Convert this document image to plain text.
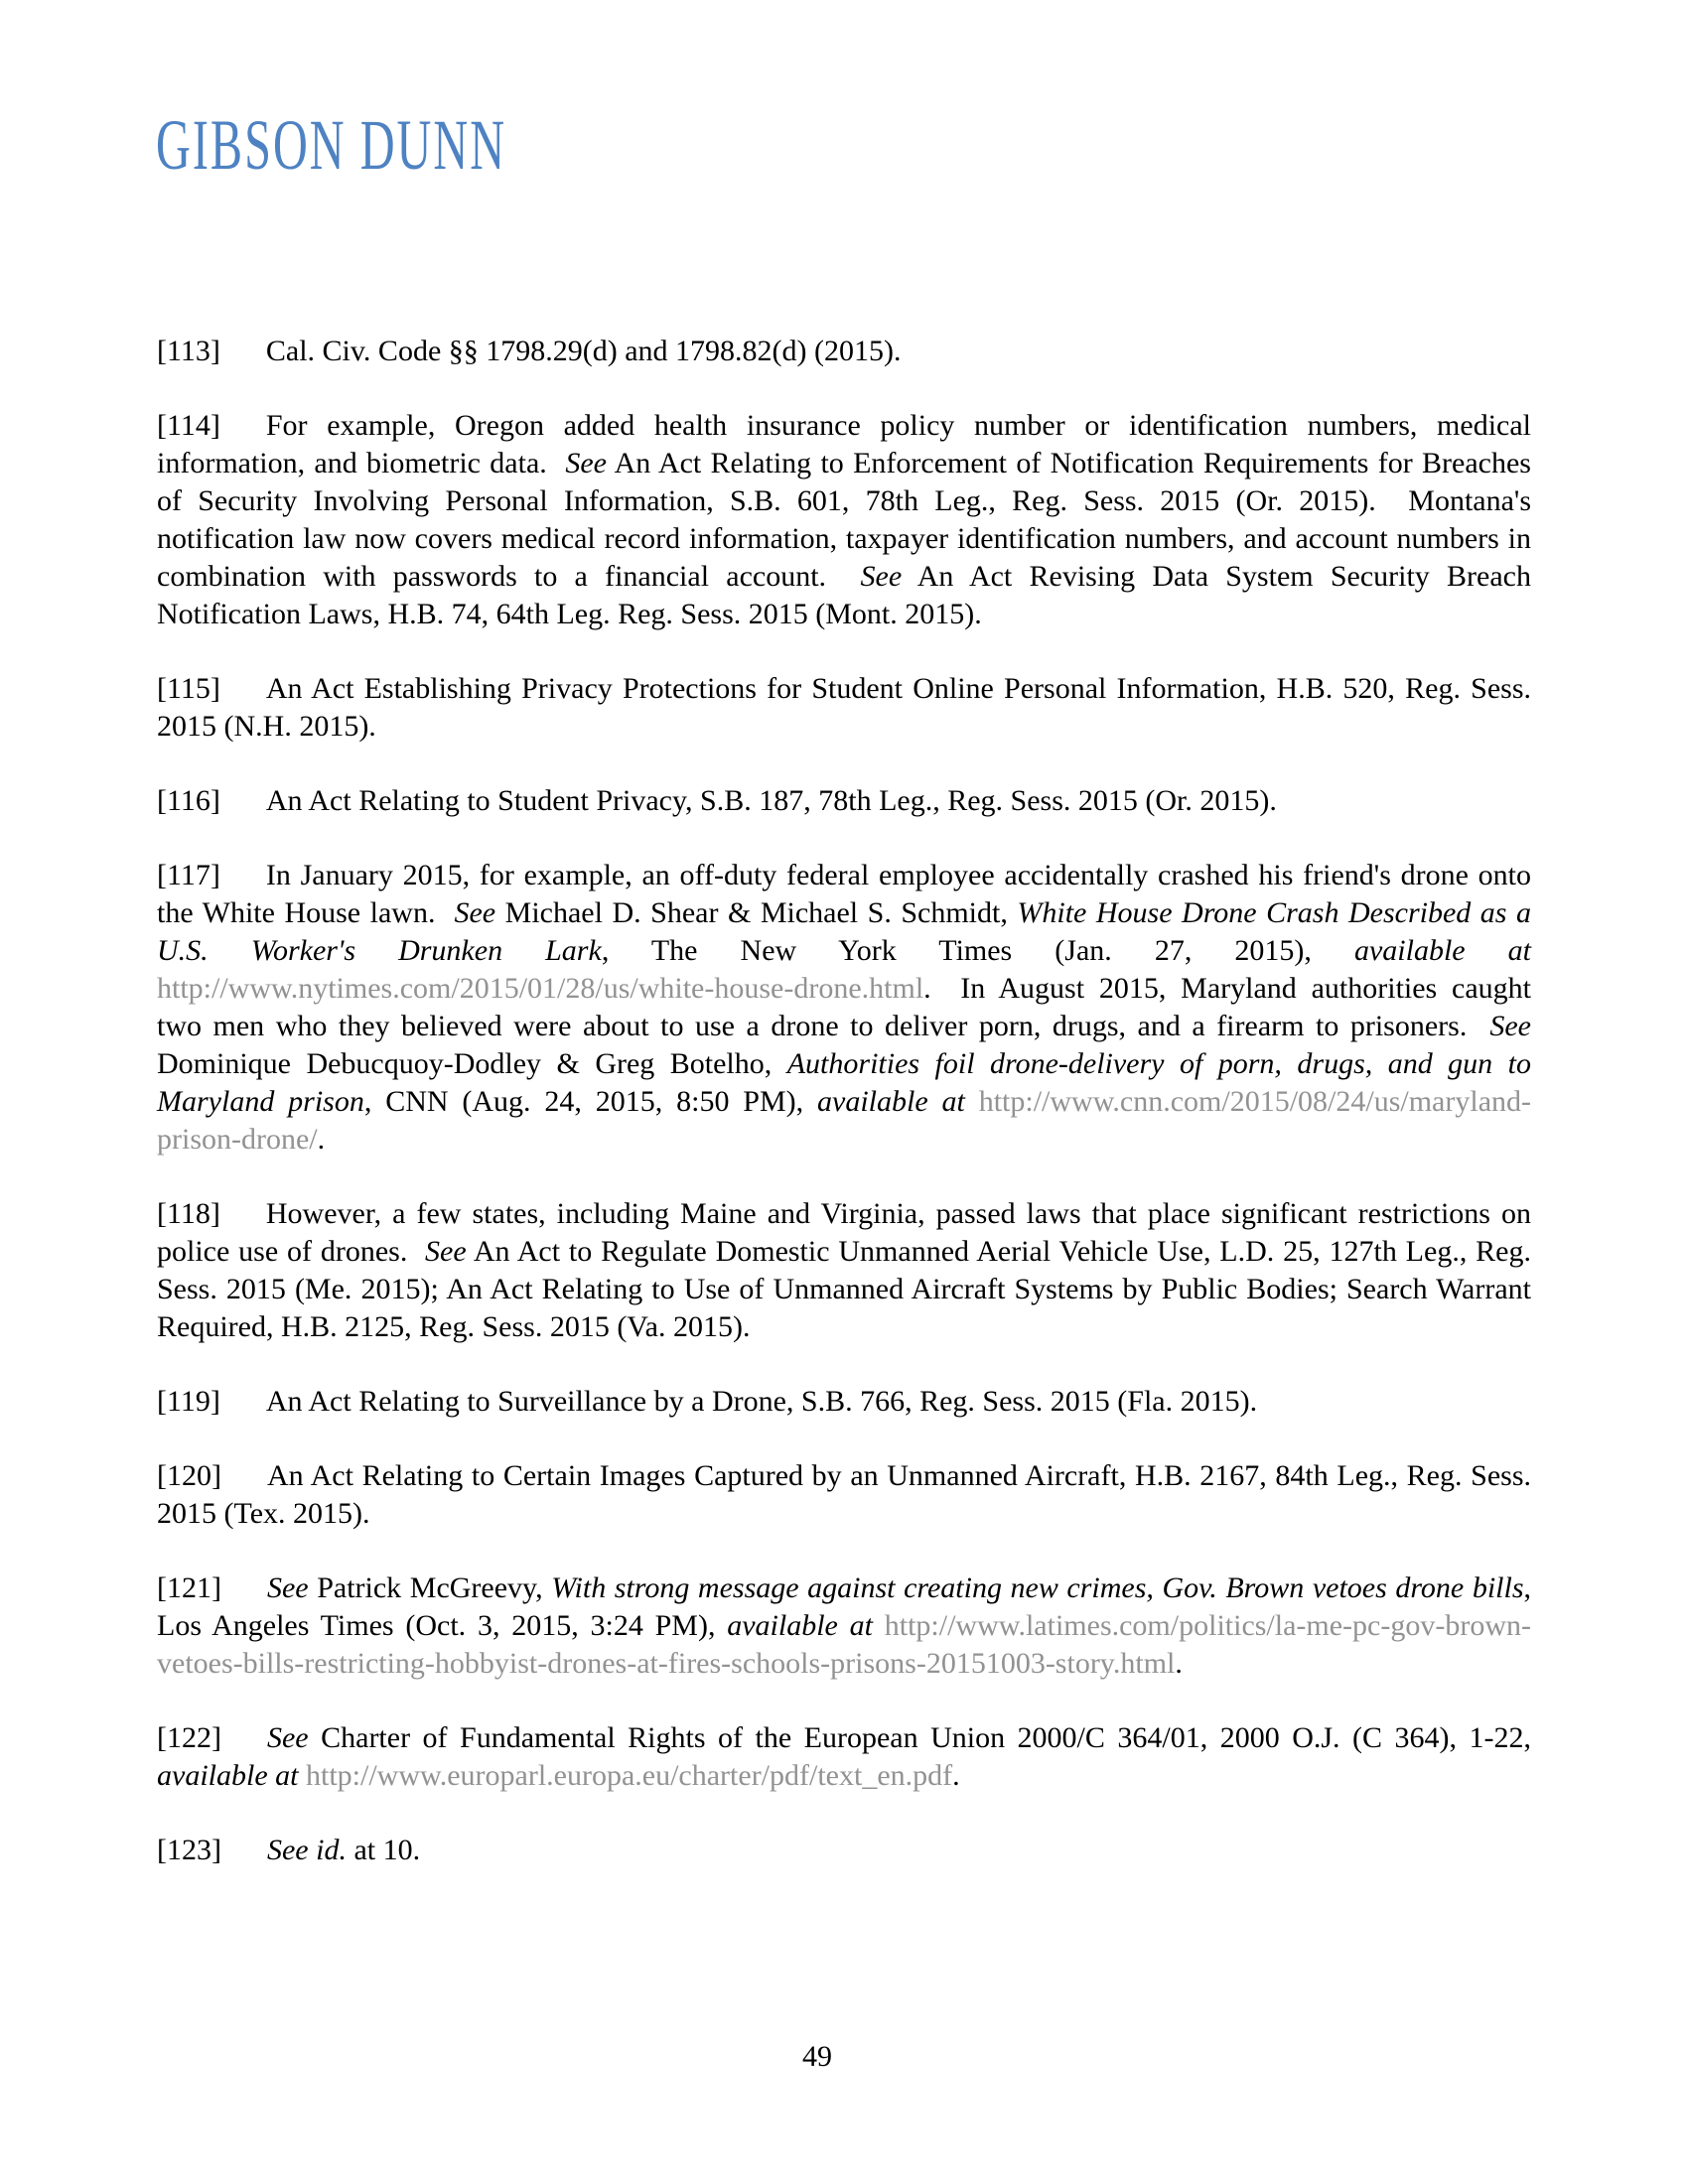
GIBSON DUNN

[113] Cal. Civ. Code §§ 1798.29(d) and 1798.82(d) (2015).

[114] For example, Oregon added health insurance policy number or identification numbers, medical information, and biometric data.  See An Act Relating to Enforcement of Notification Requirements for Breaches of Security Involving Personal Information, S.B. 601, 78th Leg., Reg. Sess. 2015 (Or. 2015).  Montana's notification law now covers medical record information, taxpayer identification numbers, and account numbers in combination with passwords to a financial account.  See An Act Revising Data System Security Breach Notification Laws, H.B. 74, 64th Leg. Reg. Sess. 2015 (Mont. 2015).

[115] An Act Establishing Privacy Protections for Student Online Personal Information, H.B. 520, Reg. Sess. 2015 (N.H. 2015).

[116] An Act Relating to Student Privacy, S.B. 187, 78th Leg., Reg. Sess. 2015 (Or. 2015).

[117] In January 2015, for example, an off-duty federal employee accidentally crashed his friend's drone onto the White House lawn.  See Michael D. Shear & Michael S. Schmidt, White House Drone Crash Described as a U.S. Worker's Drunken Lark, The New York Times (Jan. 27, 2015), available at http://www.nytimes.com/2015/01/28/us/white-house-drone.html.  In August 2015, Maryland authorities caught two men who they believed were about to use a drone to deliver porn, drugs, and a firearm to prisoners.  See Dominique Debucquoy-Dodley & Greg Botelho, Authorities foil drone-delivery of porn, drugs, and gun to Maryland prison, CNN (Aug. 24, 2015, 8:50 PM), available at http://www.cnn.com/2015/08/24/us/maryland-prison-drone/.

[118] However, a few states, including Maine and Virginia, passed laws that place significant restrictions on police use of drones.  See An Act to Regulate Domestic Unmanned Aerial Vehicle Use, L.D. 25, 127th Leg., Reg. Sess. 2015 (Me. 2015); An Act Relating to Use of Unmanned Aircraft Systems by Public Bodies; Search Warrant Required, H.B. 2125, Reg. Sess. 2015 (Va. 2015).

[119] An Act Relating to Surveillance by a Drone, S.B. 766, Reg. Sess. 2015 (Fla. 2015).

[120] An Act Relating to Certain Images Captured by an Unmanned Aircraft, H.B. 2167, 84th Leg., Reg. Sess. 2015 (Tex. 2015).

[121] See Patrick McGreevy, With strong message against creating new crimes, Gov. Brown vetoes drone bills, Los Angeles Times (Oct. 3, 2015, 3:24 PM), available at http://www.latimes.com/politics/la-me-pc-gov-brown-vetoes-bills-restricting-hobbyist-drones-at-fires-schools-prisons-20151003-story.html.

[122] See Charter of Fundamental Rights of the European Union 2000/C 364/01, 2000 O.J. (C 364), 1-22, available at http://www.europarl.europa.eu/charter/pdf/text_en.pdf.

[123] See id. at 10.

49
